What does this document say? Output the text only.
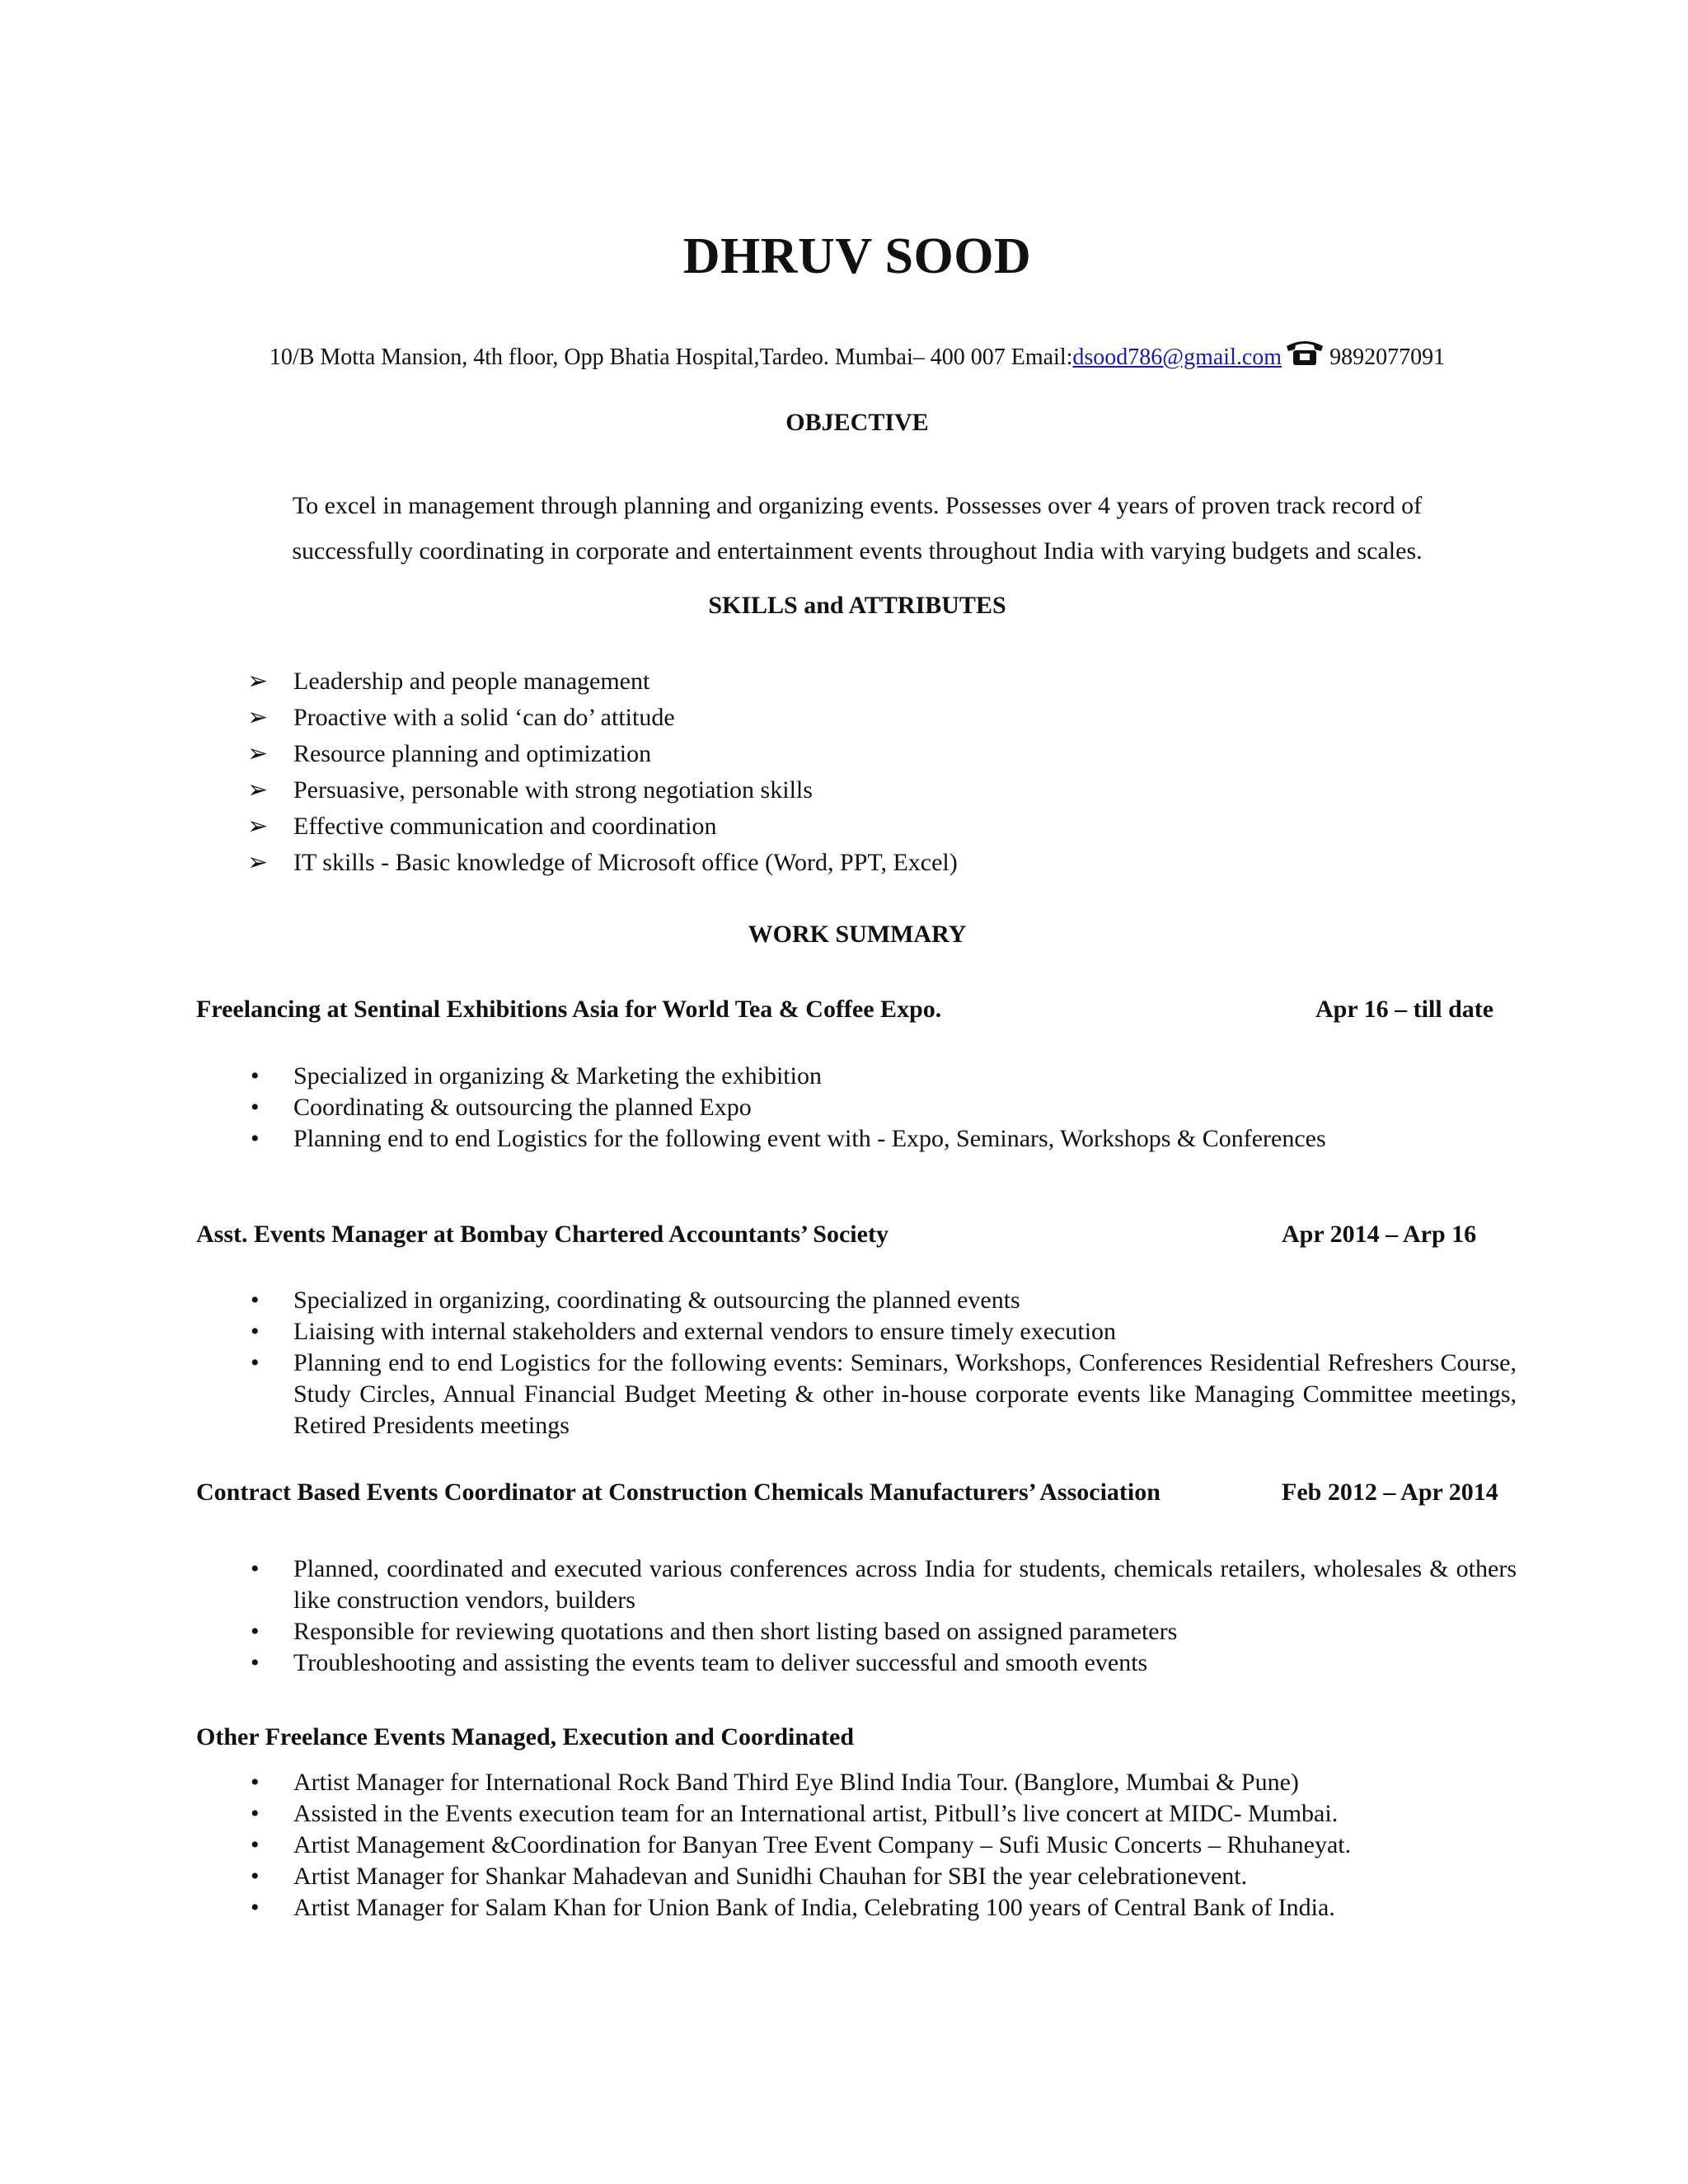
DHRUV SOOD
10/B Motta Mansion, 4th floor, Opp Bhatia Hospital,Tardeo. Mumbai– 400 007 Email:dsood786@gmail.com 9892077091
OBJECTIVE
To excel in management through planning and organizing events. Possesses over 4 years of proven track record of
successfully coordinating in corporate and entertainment events throughout India with varying budgets and scales.
SKILLS and ATTRIBUTES
➢ Leadership and people management
➢ Proactive with a solid ‘can do’ attitude
➢ Resource planning and optimization
➢ Persuasive, personable with strong negotiation skills
➢ Effective communication and coordination
➢ IT skills - Basic knowledge of Microsoft office (Word, PPT, Excel)
WORK SUMMARY
Freelancing at Sentinal Exhibitions Asia for World Tea & Coffee Expo.	Apr 16 – till date
• Specialized in organizing & Marketing the exhibition
• Coordinating & outsourcing the planned Expo
• Planning end to end Logistics for the following event with - Expo, Seminars, Workshops & Conferences
Asst. Events Manager at Bombay Chartered Accountants’ Society	Apr 2014 – Arp 16
• Specialized in organizing, coordinating & outsourcing the planned events
• Liaising with internal stakeholders and external vendors to ensure timely execution
• Planning end to end Logistics for the following events: Seminars, Workshops, Conferences Residential Refreshers Course, Study Circles, Annual Financial Budget Meeting & other in-house corporate events like Managing Committee meetings, Retired Presidents meetings
Contract Based Events Coordinator at Construction Chemicals Manufacturers’ Association	Feb 2012 – Apr 2014
• Planned, coordinated and executed various conferences across India for students, chemicals retailers, wholesales & others like construction vendors, builders
• Responsible for reviewing quotations and then short listing based on assigned parameters
• Troubleshooting and assisting the events team to deliver successful and smooth events
Other Freelance Events Managed, Execution and Coordinated
• Artist Manager for International Rock Band Third Eye Blind India Tour. (Banglore, Mumbai & Pune)
• Assisted in the Events execution team for an International artist, Pitbull’s live concert at MIDC- Mumbai.
• Artist Management &Coordination for Banyan Tree Event Company – Sufi Music Concerts – Rhuhaneyat.
• Artist Manager for Shankar Mahadevan and Sunidhi Chauhan for SBI the year celebrationevent.
• Artist Manager for Salam Khan for Union Bank of India, Celebrating 100 years of Central Bank of India.
